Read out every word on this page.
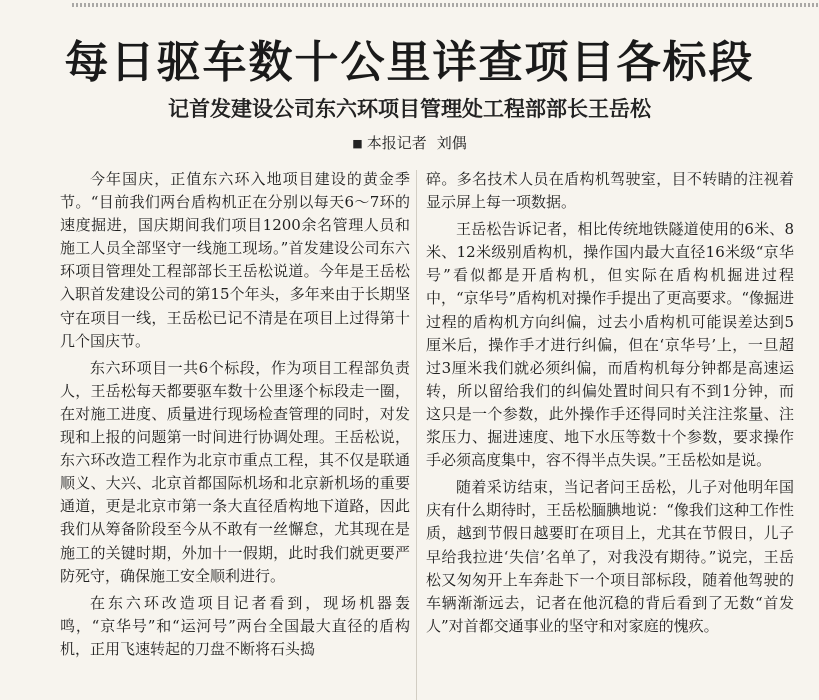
每日驱车数十公里详查项目各标段
记首发建设公司东六环项目管理处工程部部长王岳松
■ 本报记者 刘偶

今年国庆，正值东六环入地项目建设的黄金季节。“目前我们两台盾构机正在分别以每天6～7环的速度掘进，国庆期间我们项目1200余名管理人员和施工人员全部坚守一线施工现场。”首发建设公司东六环项目管理处工程部部长王岳松说道。今年是王岳松入职首发建设公司的第15个年头，多年来由于长期坚守在项目一线，王岳松已记不清是在项目上过得第十几个国庆节。

东六环项目一共6个标段，作为项目工程部负责人，王岳松每天都要驱车数十公里逐个标段走一圈，在对施工进度、质量进行现场检查管理的同时，对发现和上报的问题第一时间进行协调处理。王岳松说，东六环改造工程作为北京市重点工程，其不仅是联通顺义、大兴、北京首都国际机场和北京新机场的重要通道，更是北京市第一条大直径盾构地下道路，因此我们从筹备阶段至今从不敢有一丝懈怠，尤其现在是施工的关键时期，外加十一假期，此时我们就更要严防死守，确保施工安全顺利进行。

在东六环改造项目记者看到，现场机器轰鸣，“京华号”和“运河号”两台全国最大直径的盾构机，正用飞速转起的刀盘不断将石头捣

碎。多名技术人员在盾构机驾驶室，目不转睛的注视着显示屏上每一项数据。

王岳松告诉记者，相比传统地铁隧道使用的6米、8米、12米级别盾构机，操作国内最大直径16米级“京华号”看似都是开盾构机，但实际在盾构机掘进过程中，“京华号”盾构机对操作手提出了更高要求。“像掘进过程的盾构机方向纠偏，过去小盾构机可能误差达到5厘米后，操作手才进行纠偏，但在‘京华号’上，一旦超过3厘米我们就必须纠偏，而盾构机每分钟都是高速运转，所以留给我们的纠偏处置时间只有不到1分钟，而这只是一个参数，此外操作手还得同时关注注浆量、注浆压力、掘进速度、地下水压等数十个参数，要求操作手必须高度集中，容不得半点失误。”王岳松如是说。

随着采访结束，当记者问王岳松，儿子对他明年国庆有什么期待时，王岳松腼腆地说：“像我们这种工作性质，越到节假日越要盯在项目上，尤其在节假日，儿子早给我拉进‘失信’名单了，对我没有期待。”说完，王岳松又匆匆开上车奔赴下一个项目部标段，随着他驾驶的车辆渐渐远去，记者在他沉稳的背后看到了无数“首发人”对首都交通事业的坚守和对家庭的愧疚。
